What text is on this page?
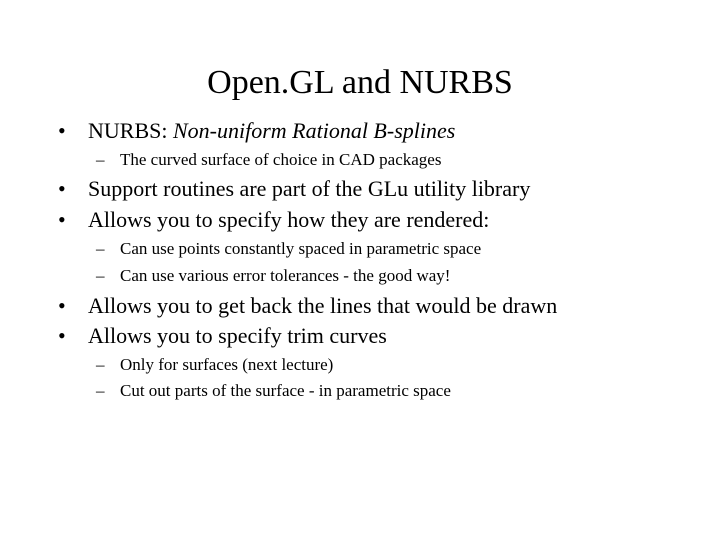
Open.GL and NURBS
• NURBS: Non-uniform Rational B-splines
– The curved surface of choice in CAD packages
• Support routines are part of the GLu utility library
• Allows you to specify how they are rendered:
– Can use points constantly spaced in parametric space
– Can use various error tolerances - the good way!
• Allows you to get back the lines that would be drawn
• Allows you to specify trim curves
– Only for surfaces (next lecture)
– Cut out parts of the surface - in parametric space
